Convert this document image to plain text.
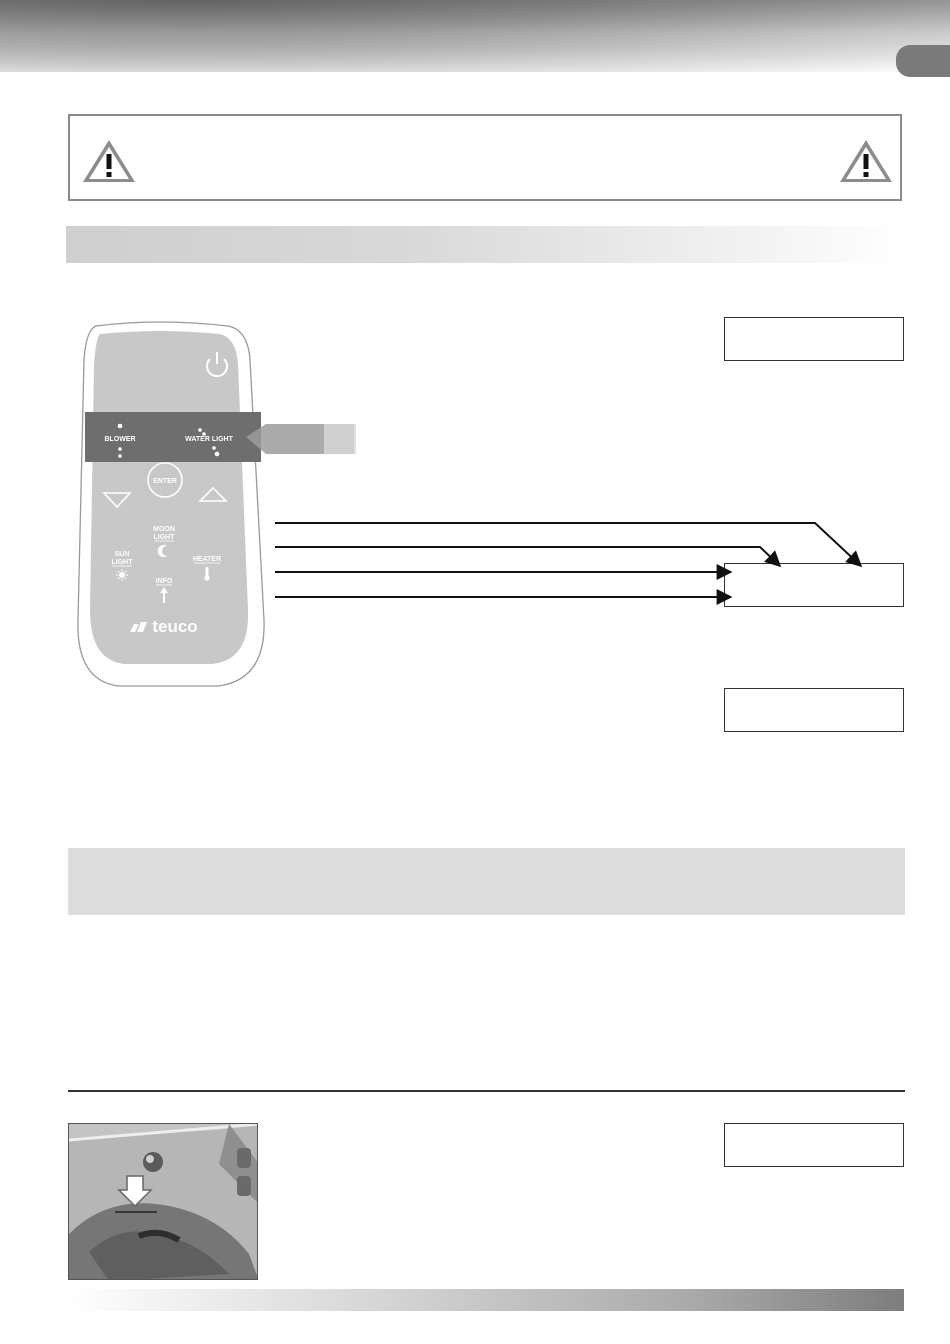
BLOWER	WATER LIGHT
ENTER
MOON
LIGHT
SUN
LIGHT	HEATER
INFO
teuco
